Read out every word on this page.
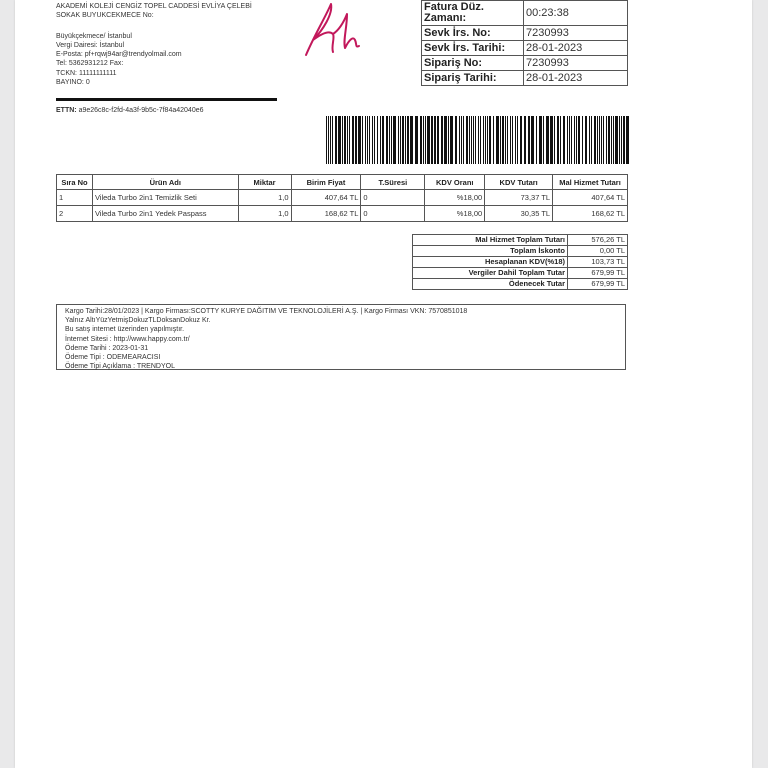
AKADEMİ KOLEJİ CENGİZ TOPEL CADDESİ EVLİYA ÇELEBİ
SOKAK BUYUKCEKMECE No:
Büyükçekmece/ İstanbul
Vergi Dairesi: İstanbul
E-Posta: pf+rqwj94ar@trendyolmail.com
Tel: 5362931212 Fax:
TCKN: 11111111111
BAYINO: 0
Fatura Düz. Zamanı:	00:23:38
Sevk İrs. No:	7230993
Sevk İrs. Tarihi:	28-01-2023
Sipariş No:	7230993
Sipariş Tarihi:	28-01-2023
ETTN: a9e26c8c-f2fd-4a3f-9b5c-7f84a42040e6
Sıra No	Ürün Adı	Miktar	Birim Fiyat	T.Süresi	KDV Oranı	KDV Tutarı	Mal Hizmet Tutarı
1	Vileda Turbo 2in1 Temizlik Seti	1,0	407,64 TL	0	%18,00	73,37 TL	407,64 TL
2	Vileda Turbo 2in1 Yedek Paspass	1,0	168,62 TL	0	%18,00	30,35 TL	168,62 TL
Mal Hizmet Toplam Tutarı	576,26 TL
Toplam İskonto	0,00 TL
Hesaplanan KDV(%18)	103,73 TL
Vergiler Dahil Toplam Tutar	679,99 TL
Ödenecek Tutar	679,99 TL
Kargo Tarihi:28/01/2023 | Kargo Firması:SCOTTY KURYE DAĞITIM VE TEKNOLOJİLERİ A.Ş. | Kargo Firması VKN: 7570851018
Yalnız AltıYüzYetmişDokuzTLDoksanDokuz Kr.
Bu satış internet üzerinden yapılmıştır.
İnternet Sitesi : http://www.happy.com.tr/
Ödeme Tarihi : 2023-01-31
Ödeme Tipi : ODEMEARACISI
Ödeme Tipi Açıklama : TRENDYOL
